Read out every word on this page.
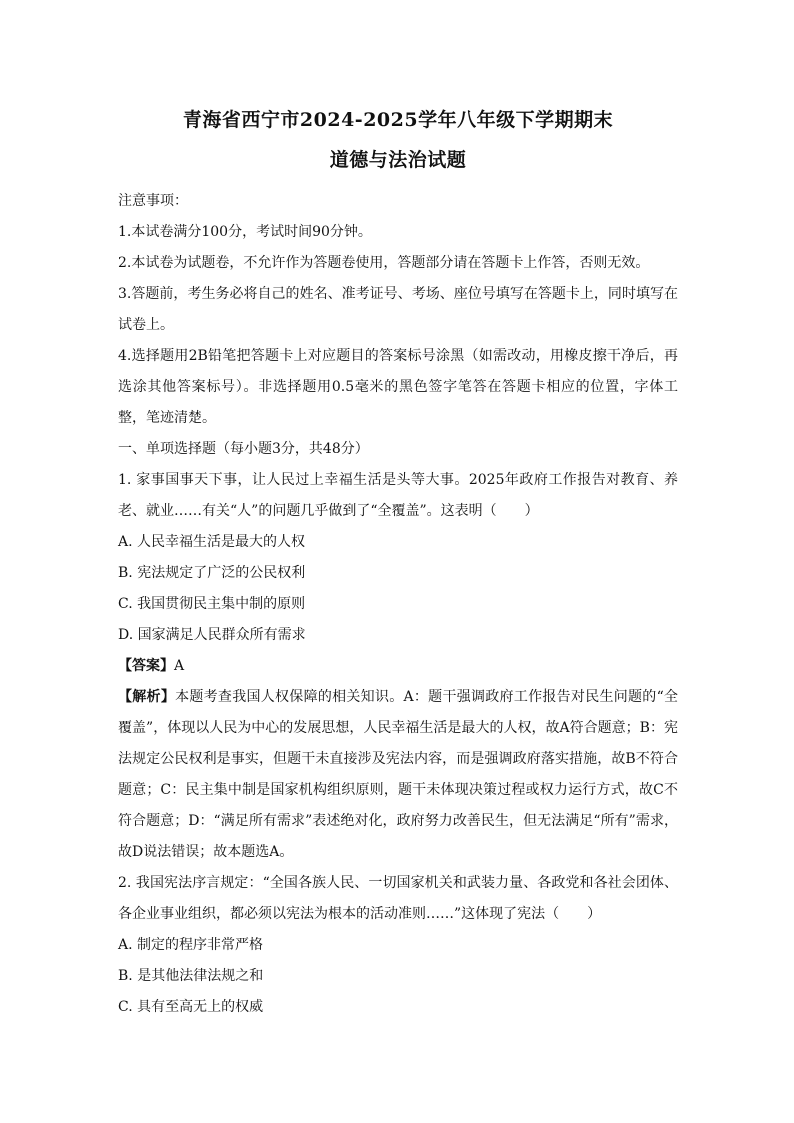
青海省西宁市2024-2025学年八年级下学期期末
道德与法治试题

注意事项：

1.本试卷满分100分，考试时间90分钟。

2.本试卷为试题卷，不允许作为答题卷使用，答题部分请在答题卡上作答，否则无效。

3.答题前，考生务必将自己的姓名、准考证号、考场、座位号填写在答题卡上，同时填写在试卷上。

4.选择题用2B铅笔把答题卡上对应题目的答案标号涂黑（如需改动，用橡皮擦干净后，再选涂其他答案标号）。非选择题用0.5毫米的黑色签字笔答在答题卡相应的位置，字体工整，笔迹清楚。

一、单项选择题（每小题3分，共48分）

1. 家事国事天下事，让人民过上幸福生活是头等大事。2025年政府工作报告对教育、养老、就业……有关“人”的问题几乎做到了“全覆盖”。这表明（　　）

A. 人民幸福生活是最大的人权

B. 宪法规定了广泛的公民权利

C. 我国贯彻民主集中制的原则

D. 国家满足人民群众所有需求

【答案】A

【解析】本题考查我国人权保障的相关知识。A：题干强调政府工作报告对民生问题的“全覆盖”，体现以人民为中心的发展思想，人民幸福生活是最大的人权，故A符合题意；B：宪法规定公民权利是事实，但题干未直接涉及宪法内容，而是强调政府落实措施，故B不符合题意；C：民主集中制是国家机构组织原则，题干未体现决策过程或权力运行方式，故C不符合题意；D：“满足所有需求”表述绝对化，政府努力改善民生，但无法满足“所有”需求，故D说法错误；故本题选A。

2. 我国宪法序言规定：“全国各族人民、一切国家机关和武装力量、各政党和各社会团体、各企业事业组织，都必须以宪法为根本的活动准则……”这体现了宪法（　　）

A. 制定的程序非常严格

B. 是其他法律法规之和

C. 具有至高无上的权威
